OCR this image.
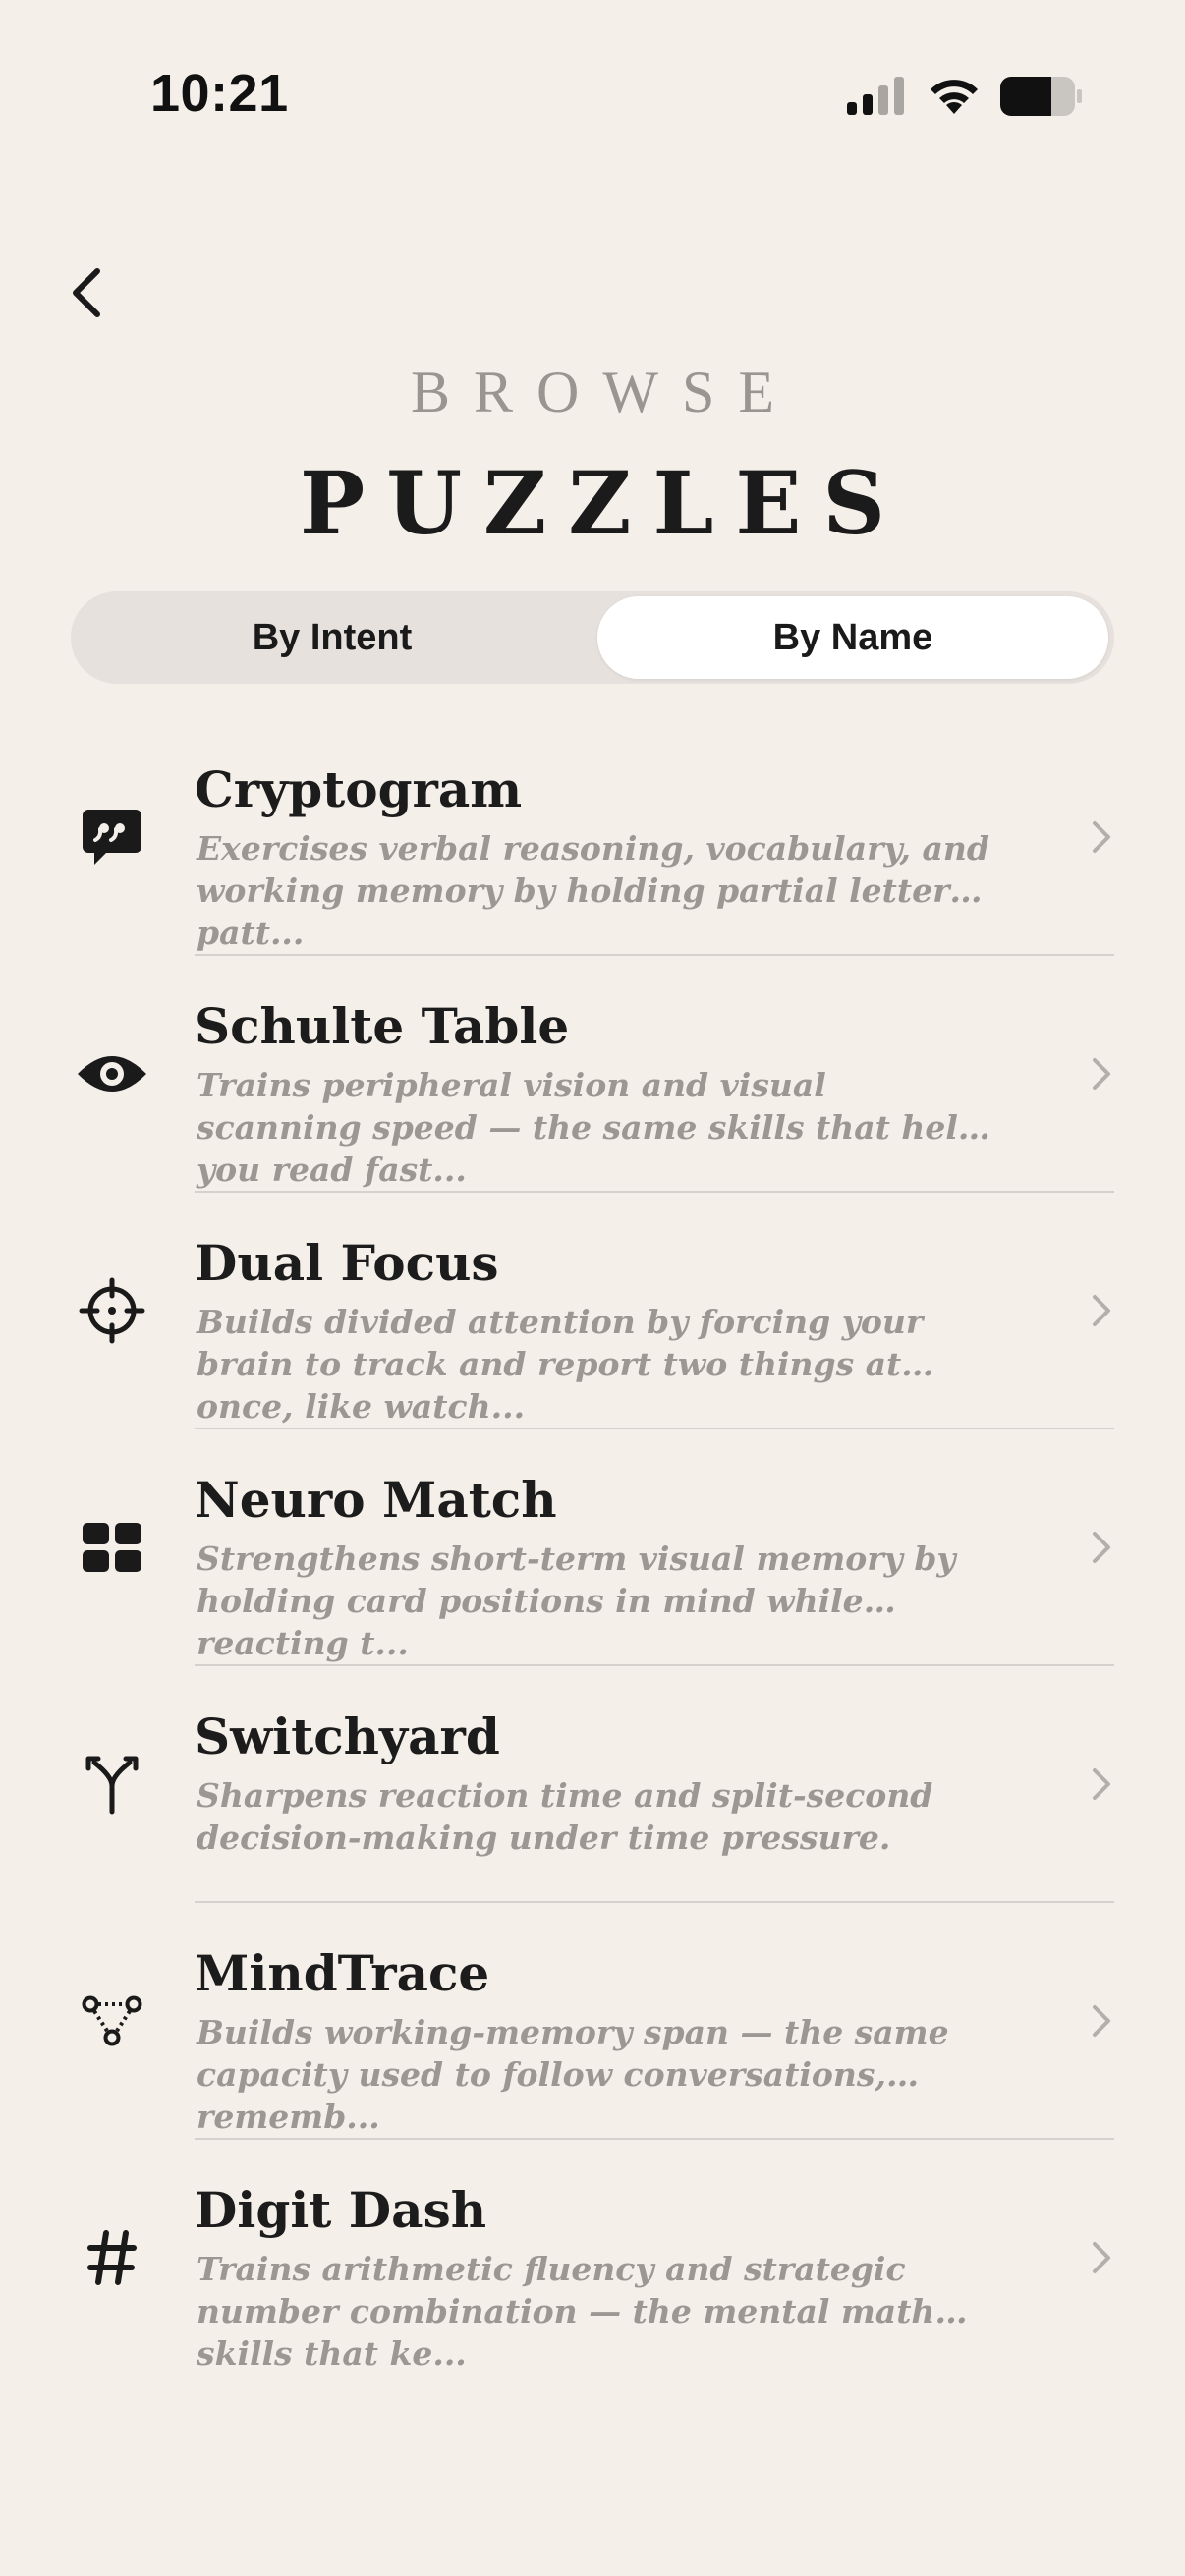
10:21
BROWSE
PUZZLES
By Intent	By Name
Cryptogram
Exercises verbal reasoning, vocabulary, and working memory by holding partial letter patt...
Schulte Table
Trains peripheral vision and visual scanning speed — the same skills that help you read fast...
Dual Focus
Builds divided attention by forcing your brain to track and report two things at once, like watch...
Neuro Match
Strengthens short-term visual memory by holding card positions in mind while reacting t...
Switchyard
Sharpens reaction time and split-second decision-making under time pressure.
MindTrace
Builds working-memory span — the same capacity used to follow conversations, rememb...
Digit Dash
Trains arithmetic fluency and strategic number combination — the mental math skills that ke...
